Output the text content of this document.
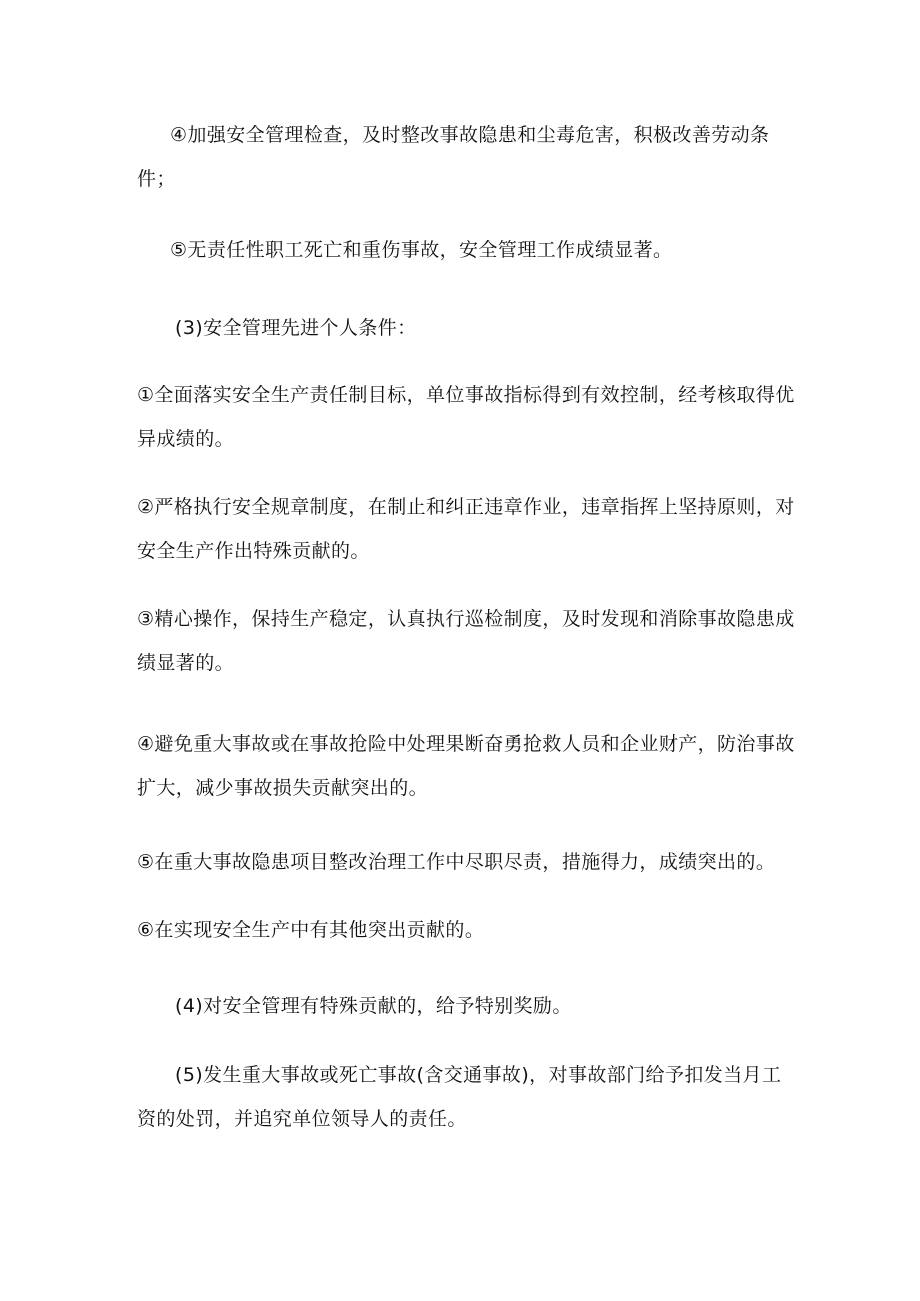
④加强安全管理检查，及时整改事故隐患和尘毒危害，积极改善劳动条件；

⑤无责任性职工死亡和重伤事故，安全管理工作成绩显著。

(3)安全管理先进个人条件：

①全面落实安全生产责任制目标，单位事故指标得到有效控制，经考核取得优异成绩的。

②严格执行安全规章制度，在制止和纠正违章作业，违章指挥上坚持原则，对安全生产作出特殊贡献的。

③精心操作，保持生产稳定，认真执行巡检制度，及时发现和消除事故隐患成绩显著的。

④避免重大事故或在事故抢险中处理果断奋勇抢救人员和企业财产，防治事故扩大，减少事故损失贡献突出的。

⑤在重大事故隐患项目整改治理工作中尽职尽责，措施得力，成绩突出的。

⑥在实现安全生产中有其他突出贡献的。

(4)对安全管理有特殊贡献的，给予特别奖励。

(5)发生重大事故或死亡事故(含交通事故)，对事故部门给予扣发当月工资的处罚，并追究单位领导人的责任。
